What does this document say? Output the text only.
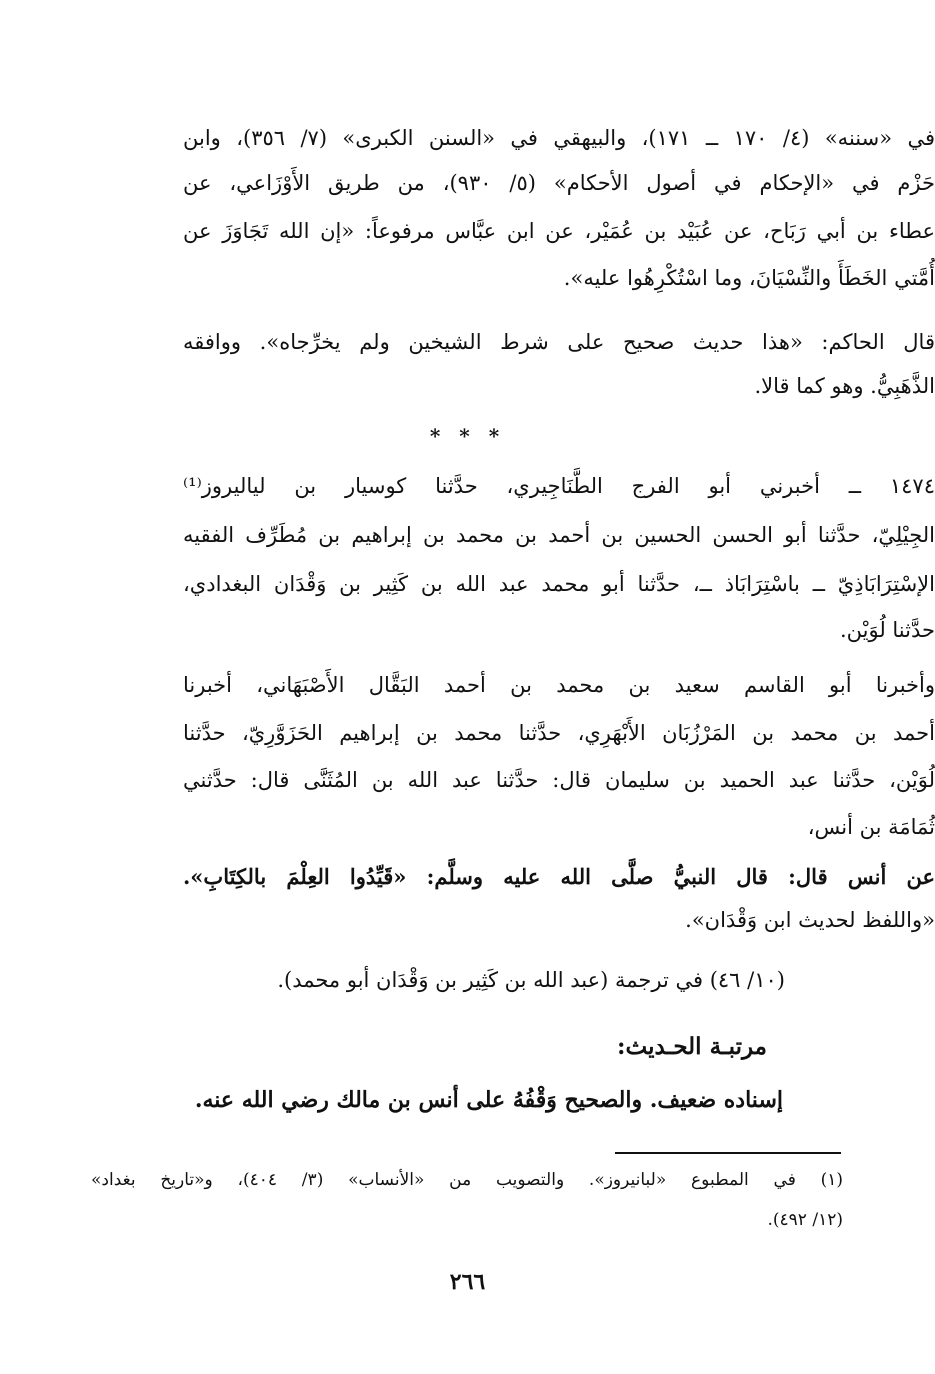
في «سننه» (٤/ ١٧٠ ــ ١٧١)، والبيهقي في «السنن الكبرى» (٧/ ٣٥٦)، وابن
حَزْم في «الإحكام في أصول الأحكام» (٥/ ٩٣٠)، من طريق الأَوْزَاعي، عن
عطاء بن أبي رَبَاح، عن عُبَيْد بن عُمَيْر، عن ابن عبَّاس مرفوعاً: «إن الله تَجَاوَزَ عن
أُمَّتي الخَطَأَ والنِّسْيَانَ، وما اسْتُكْرِهُوا عليه».
قال الحاكم: «هذا حديث صحيح على شرط الشيخين ولم يخرِّجاه». ووافقه
الذَّهَبِيُّ. وهو كما قالا.
* * *
١٤٧٤ ــ أخبرني أبو الفرج الطَّنَاجِيري، حدَّثنا كوسيار بن لياليروز⁽¹⁾
الجِيْلِيّ، حدَّثنا أبو الحسن الحسين بن أحمد بن محمد بن إبراهيم بن مُطَرِّف الفقيه
الإسْتِرَابَاذِيّ ــ باسْتِرَابَاذ ــ، حدَّثنا أبو محمد عبد الله بن كَثِير بن وَقْدَان البغدادي،
حدَّثنا لُوَيْن.
وأخبرنا أبو القاسم سعيد بن محمد بن أحمد البَقَّال الأَصْبَهَاني، أخبرنا
أحمد بن محمد بن المَرْزُبَان الأَبْهَرِي، حدَّثنا محمد بن إبراهيم الحَزَوَّرِيّ، حدَّثنا
لُوَيْن، حدَّثنا عبد الحميد بن سليمان قال: حدَّثنا عبد الله بن المُثَنَّى قال: حدَّثني
ثُمَامَة بن أنس،
عن أنس قال: قال النبيُّ صلَّى الله عليه وسلَّم: «قَيِّدُوا العِلْمَ بالكِتَابِ».
«واللفظ لحديث ابن وَقْدَان».
(١٠/ ٤٦) في ترجمة (عبد الله بن كَثِير بن وَقْدَان أبو محمد).
مرتبـة الحـديث:
إسناده ضعيف. والصحيح وَقْفُهُ على أنس بن مالك رضي الله عنه.
(١) في المطبوع «لبانيروز». والتصويب من «الأنساب» (٣/ ٤٠٤)، و«تاريخ بغداد»
(١٢/ ٤٩٢).
٢٦٦
